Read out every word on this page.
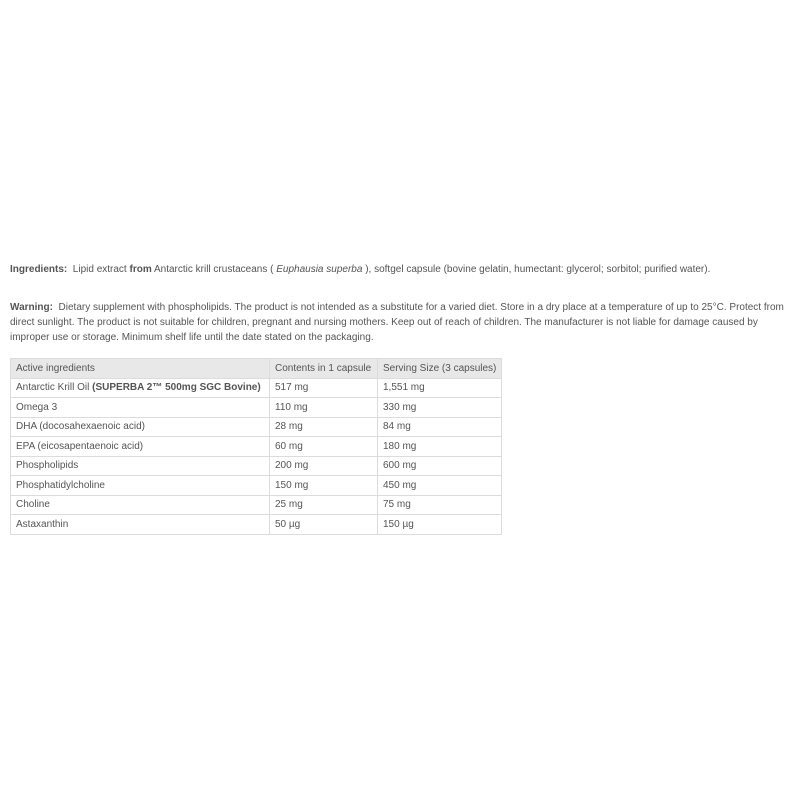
Ingredients: Lipid extract from Antarctic krill crustaceans ( Euphausia superba ), softgel capsule (bovine gelatin, humectant: glycerol; sorbitol; purified water).

Warning: Dietary supplement with phospholipids. The product is not intended as a substitute for a varied diet. Store in a dry place at a temperature of up to 25°C. Protect from direct sunlight. The product is not suitable for children, pregnant and nursing mothers. Keep out of reach of children. The manufacturer is not liable for damage caused by improper use or storage. Minimum shelf life until the date stated on the packaging.

Active ingredients	Contents in 1 capsule	Serving Size (3 capsules)
Antarctic Krill Oil (SUPERBA 2™ 500mg SGC Bovine)	517 mg	1,551 mg
Omega 3	110 mg	330 mg
DHA (docosahexaenoic acid)	28 mg	84 mg
EPA (eicosapentaenoic acid)	60 mg	180 mg
Phospholipids	200 mg	600 mg
Phosphatidylcholine	150 mg	450 mg
Choline	25 mg	75 mg
Astaxanthin	50 µg	150 µg
